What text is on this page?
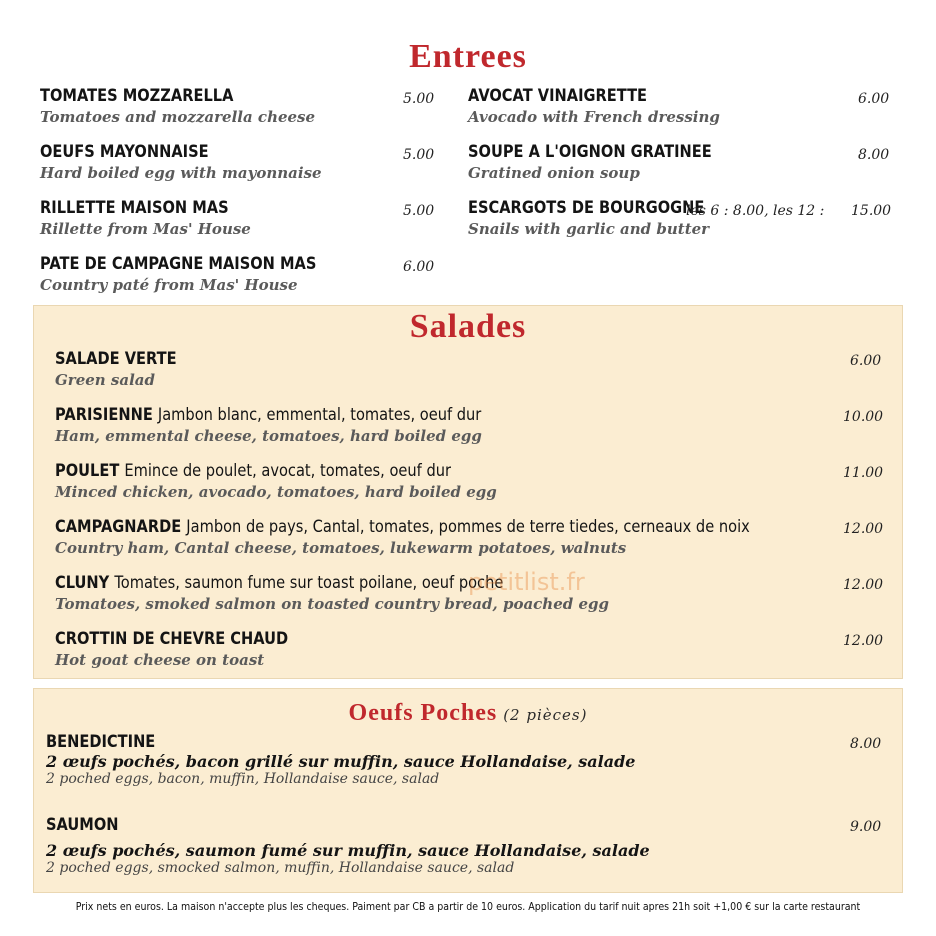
Entrees
TOMATES MOZZARELLA
Tomatoes and mozzarella cheese
5.00
OEUFS MAYONNAISE
Hard boiled egg with mayonnaise
5.00
RILLETTE MAISON MAS
Rillette from Mas' House
5.00
PATE DE CAMPAGNE MAISON MAS
Country paté from Mas' House
6.00
AVOCAT VINAIGRETTE
Avocado with French dressing
6.00
SOUPE A L'OIGNON GRATINEE
Gratined onion soup
8.00
ESCARGOTS DE BOURGOGNE
Snails with garlic and butter
les 6 : 8.00, les 12 : 15.00
Salades
SALADE VERTE
Green salad
6.00
PARISIENNE Jambon blanc, emmental, tomates, oeuf dur
Ham, emmental cheese, tomatoes, hard boiled egg
10.00
POULET Emince de poulet, avocat, tomates, oeuf dur
Minced chicken, avocado, tomatoes, hard boiled egg
11.00
CAMPAGNARDE Jambon de pays, Cantal, tomates, pommes de terre tiedes, cerneaux de noix
Country ham, Cantal cheese, tomatoes, lukewarm potatoes, walnuts
12.00
CLUNY Tomates, saumon fume sur toast poilane, oeuf poche
Tomatoes, smoked salmon on toasted country bread, poached egg
12.00
CROTTIN DE CHEVRE CHAUD
Hot goat cheese on toast
12.00
petitlist.fr
Oeufs Poches (2 pièces)
BENEDICTINE
2 œufs pochés, bacon grillé sur muffin, sauce Hollandaise, salade
2 poched eggs, bacon, muffin, Hollandaise sauce, salad
8.00
SAUMON
2 œufs pochés, saumon fumé sur muffin, sauce Hollandaise, salade
2 poched eggs, smocked salmon, muffin, Hollandaise sauce, salad
9.00
Prix nets en euros. La maison n'accepte plus les cheques. Paiment par CB a partir de 10 euros. Application du tarif nuit apres 21h soit +1,00 € sur la carte restaurant
